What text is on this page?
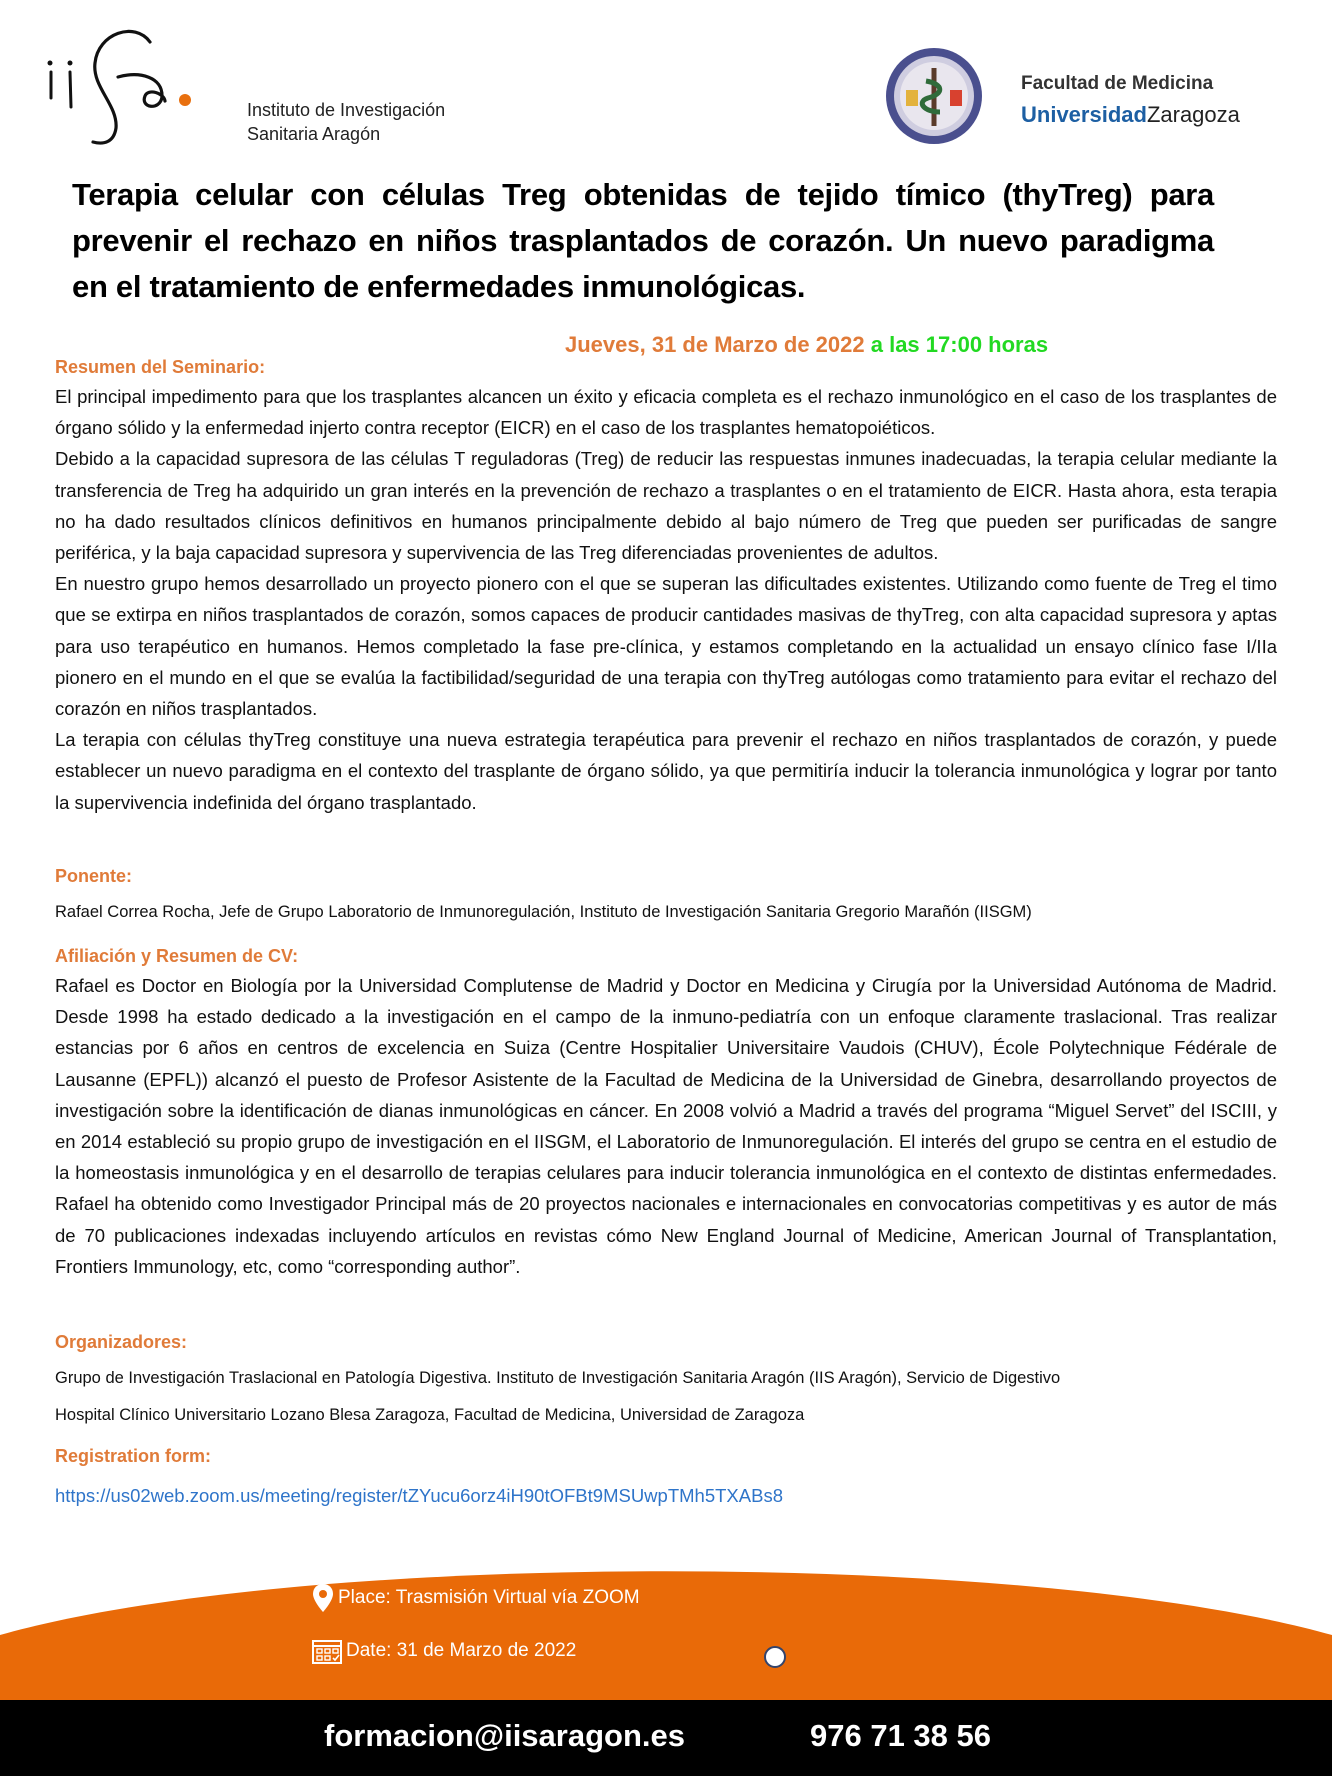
Instituto de Investigación
Sanitaria Aragón
Facultad de Medicina
UniversidadZaragoza
Terapia celular con células Treg obtenidas de tejido tímico (thyTreg) para prevenir el rechazo en niños trasplantados de corazón. Un nuevo paradigma en el tratamiento de enfermedades inmunológicas.
Jueves, 31 de Marzo de 2022 a las 17:00 horas
Resumen del Seminario:

El principal impedimento para que los trasplantes alcancen un éxito y eficacia completa es el rechazo inmunológico en el caso de los trasplantes de órgano sólido y la enfermedad injerto contra receptor (EICR) en el caso de los trasplantes hematopoiéticos.

Debido a la capacidad supresora de las células T reguladoras (Treg) de reducir las respuestas inmunes inadecuadas, la terapia celular mediante la transferencia de Treg ha adquirido un gran interés en la prevención de rechazo a trasplantes o en el tratamiento de EICR. Hasta ahora, esta terapia no ha dado resultados clínicos definitivos en humanos principalmente debido al bajo número de Treg que pueden ser purificadas de sangre periférica, y la baja capacidad supresora y supervivencia de las Treg diferenciadas provenientes de adultos.

En nuestro grupo hemos desarrollado un proyecto pionero con el que se superan las dificultades existentes. Utilizando como fuente de Treg el timo que se extirpa en niños trasplantados de corazón, somos capaces de producir cantidades masivas de thyTreg, con alta capacidad supresora y aptas para uso terapéutico en humanos. Hemos completado la fase pre-clínica, y estamos completando en la actualidad un ensayo clínico fase I/IIa pionero en el mundo en el que se evalúa la factibilidad/seguridad de una terapia con thyTreg autólogas como tratamiento para evitar el rechazo del corazón en niños trasplantados.

La terapia con células thyTreg constituye una nueva estrategia terapéutica para prevenir el rechazo en niños trasplantados de corazón, y puede establecer un nuevo paradigma en el contexto del trasplante de órgano sólido, ya que permitiría inducir la tolerancia inmunológica y lograr por tanto la supervivencia indefinida del órgano trasplantado.

Ponente:
Rafael Correa Rocha, Jefe de Grupo Laboratorio de Inmunoregulación, Instituto de Investigación Sanitaria Gregorio Marañón (IISGM)
Afiliación y Resumen de CV:
Rafael es Doctor en Biología por la Universidad Complutense de Madrid y Doctor en Medicina y Cirugía por la Universidad Autónoma de Madrid. Desde 1998 ha estado dedicado a la investigación en el campo de la inmuno-pediatría con un enfoque claramente traslacional. Tras realizar estancias por 6 años en centros de excelencia en Suiza (Centre Hospitalier Universitaire Vaudois (CHUV), École Polytechnique Fédérale de Lausanne (EPFL)) alcanzó el puesto de Profesor Asistente de la Facultad de Medicina de la Universidad de Ginebra, desarrollando proyectos de investigación sobre la identificación de dianas inmunológicas en cáncer. En 2008 volvió a Madrid a través del programa “Miguel Servet” del ISCIII, y en 2014 estableció su propio grupo de investigación en el IISGM, el Laboratorio de Inmunoregulación. El interés del grupo se centra en el estudio de la homeostasis inmunológica y en el desarrollo de terapias celulares para inducir tolerancia inmunológica en el contexto de distintas enfermedades. Rafael ha obtenido como Investigador Principal más de 20 proyectos nacionales e internacionales en convocatorias competitivas y es autor de más de 70 publicaciones indexadas incluyendo artículos en revistas cómo New England Journal of Medicine, American Journal of Transplantation, Frontiers Immunology, etc, como “corresponding author”.
Organizadores:
Grupo de Investigación Traslacional en Patología Digestiva. Instituto de Investigación Sanitaria Aragón (IIS Aragón), Servicio de Digestivo
Hospital Clínico Universitario Lozano Blesa Zaragoza, Facultad de Medicina, Universidad de Zaragoza
Registration form:
https://us02web.zoom.us/meeting/register/tZYucu6orz4iH90tOFBt9MSUwpTMh5TXABs8
Place: Trasmisión Virtual vía ZOOM
Date: 31 de Marzo de 2022
formacion@iisaragon.es	976 71 38 56
